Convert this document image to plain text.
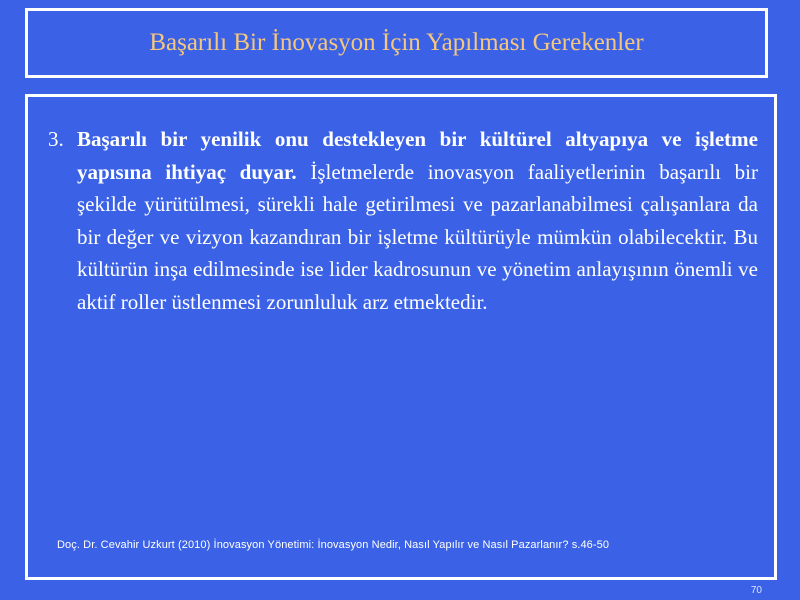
Başarılı Bir İnovasyon İçin Yapılması Gerekenler
3. Başarılı bir yenilik onu destekleyen bir kültürel altyapıya ve işletme yapısına ihtiyaç duyar. İşletmelerde inovasyon faaliyetlerinin başarılı bir şekilde yürütülmesi, sürekli hale getirilmesi ve pazarlanabilmesi çalışanlara da bir değer ve vizyon kazandıran bir işletme kültürüyle mümkün olabilecektir. Bu kültürün inşa edilmesinde ise lider kadrosunun ve yönetim anlayışının önemli ve aktif roller üstlenmesi zorunluluk arz etmektedir.
Doç. Dr. Cevahir Uzkurt (2010) İnovasyon Yönetimi: İnovasyon Nedir, Nasıl Yapılır ve Nasıl Pazarlanır? s.46-50
70
